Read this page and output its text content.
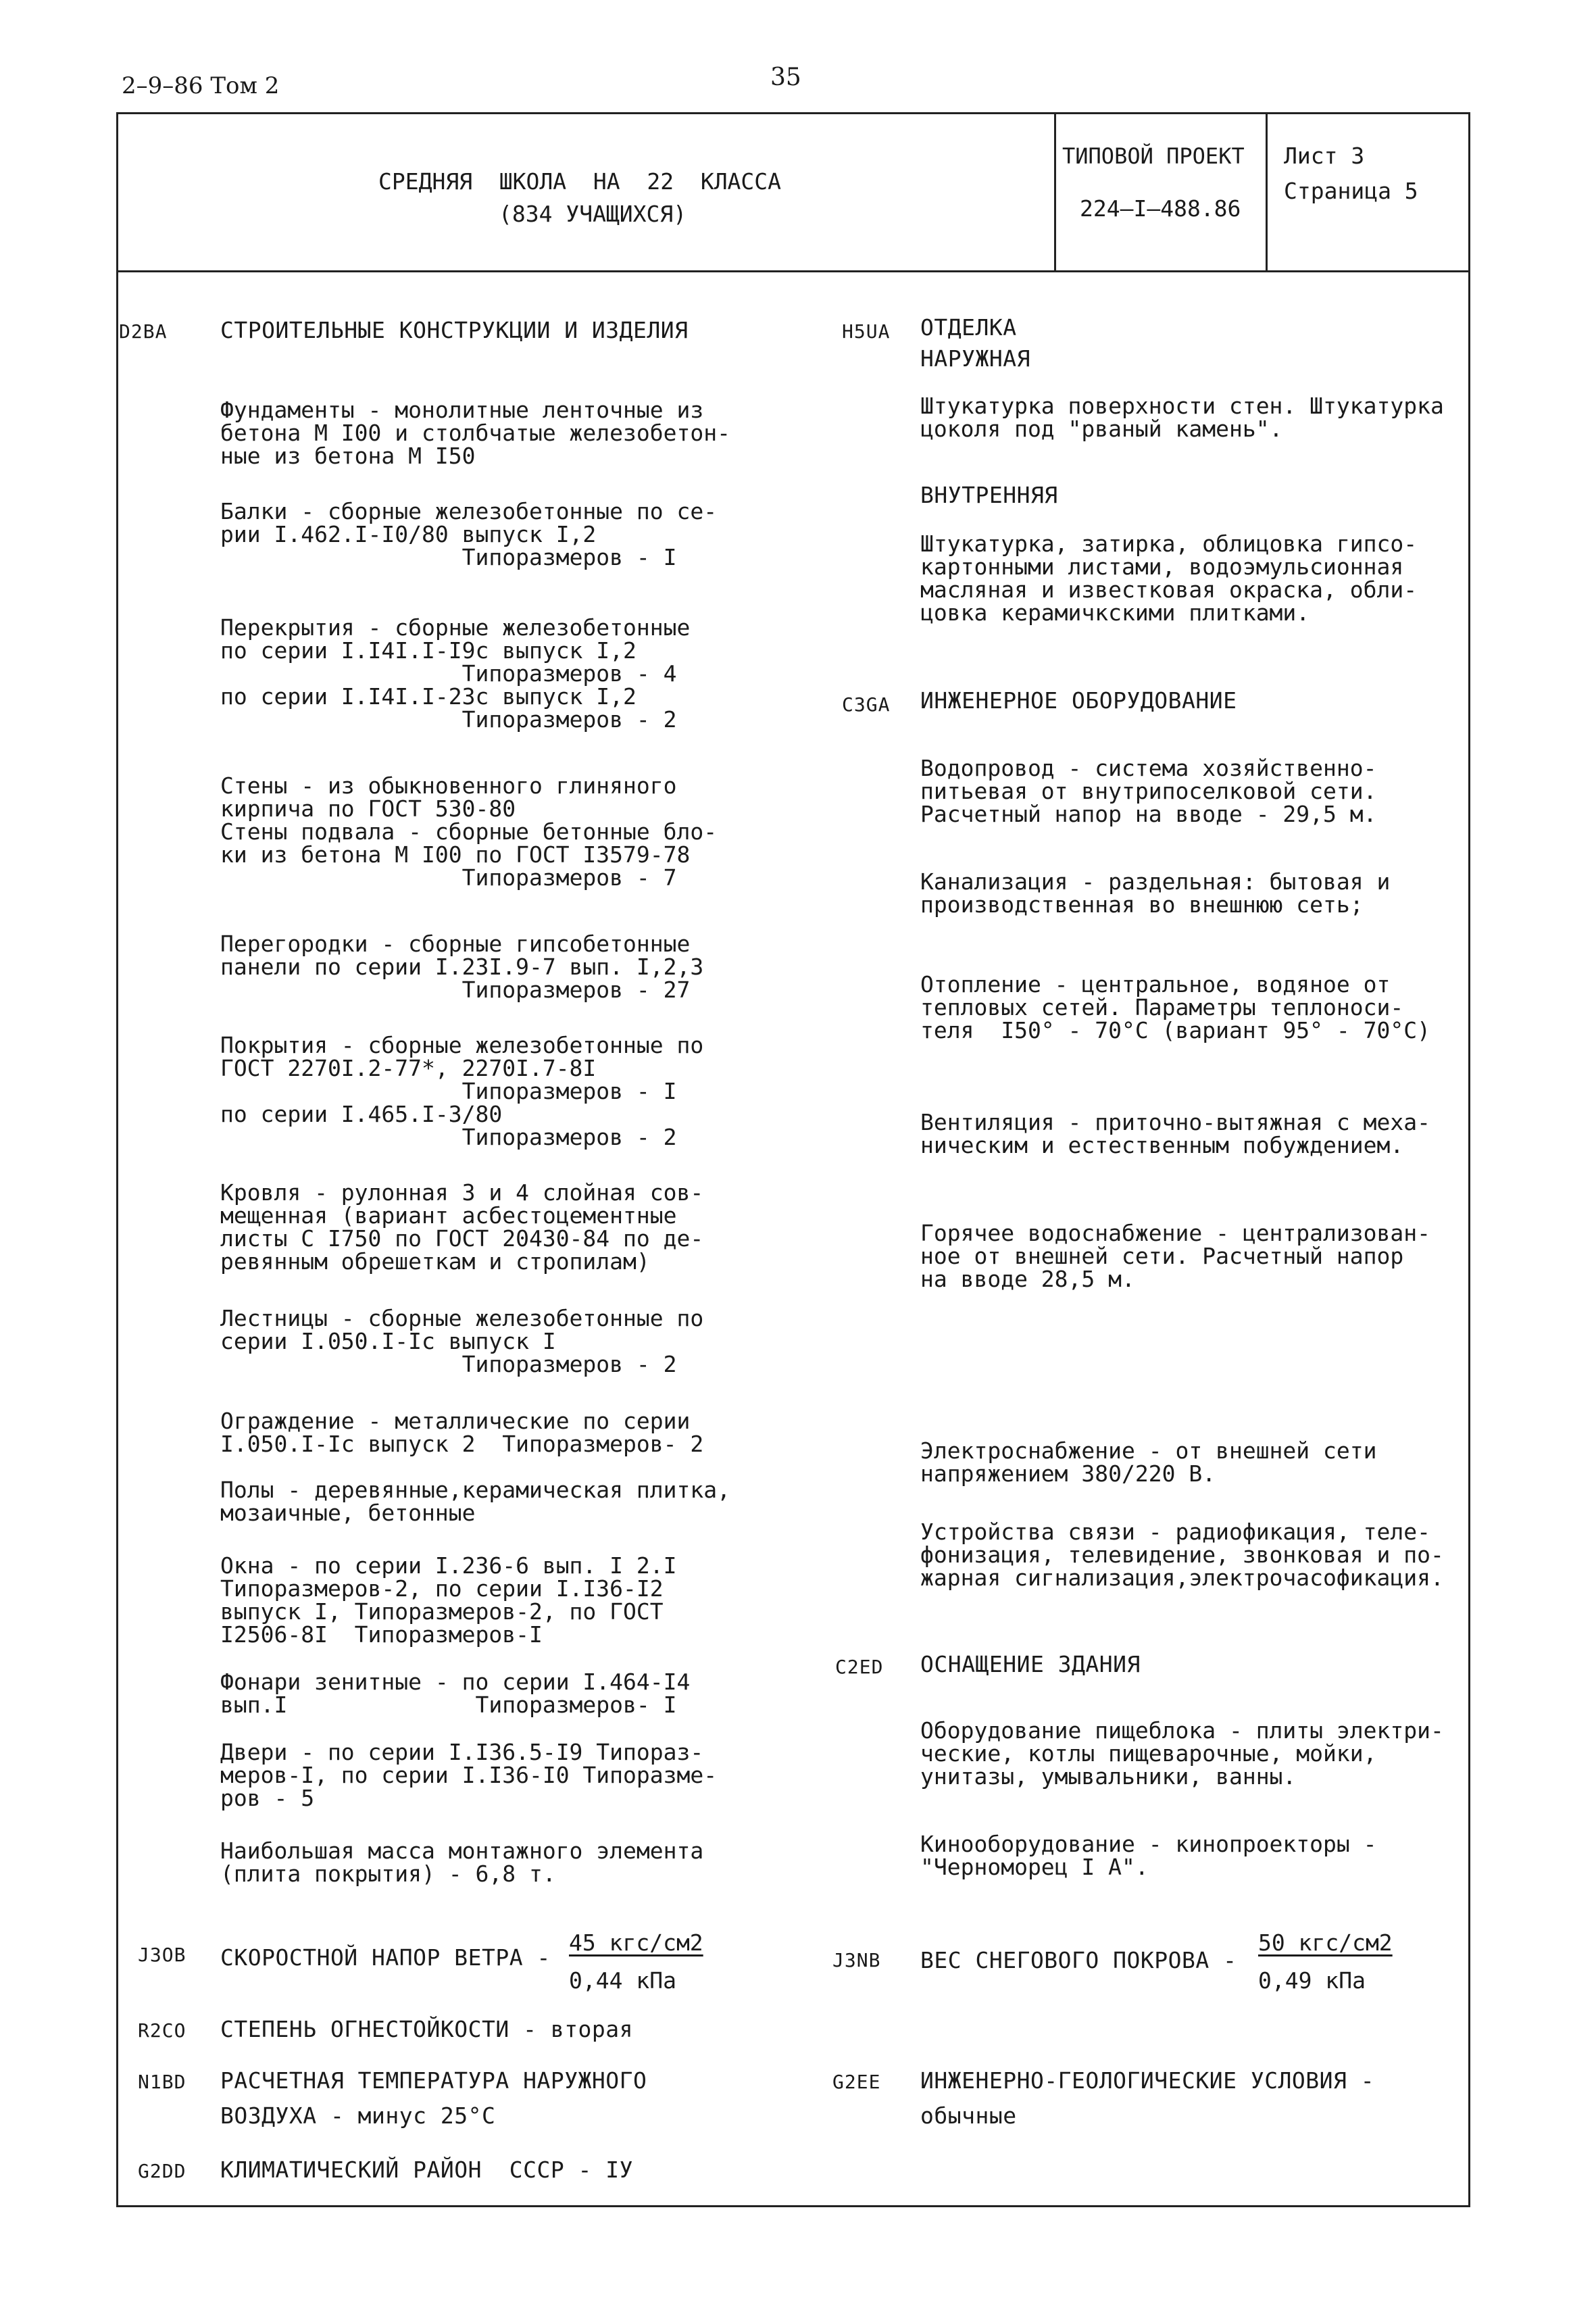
2–9–86 Том 2	35
СРЕДНЯЯ  ШКОЛА  НА  22  КЛАССА
(834 УЧАЩИХСЯ)
ТИПОВОЙ ПРОЕКТ
224–I–488.86
Лист 3
Страница 5
D2BA СТРОИТЕЛЬНЫЕ КОНСТРУКЦИИ И ИЗДЕЛИЯ
Фундаменты - монолитные ленточные из
бетона М I00 и столбчатые железобетон-
ные из бетона М I50
Балки - сборные железобетонные по се-
рии I.462.I-I0/80 выпуск I,2
Типоразмеров - I
Перекрытия - сборные железобетонные
по серии I.I4I.I-I9с выпуск I,2
Типоразмеров - 4
по серии I.I4I.I-23с выпуск I,2
Типоразмеров - 2
Стены - из обыкновенного глиняного
кирпича по ГОСТ 530-80
Стены подвала - сборные бетонные бло-
ки из бетона М I00 по ГОСТ I3579-78
Типоразмеров - 7
Перегородки - сборные гипсобетонные
панели по серии I.23I.9-7 вып. I,2,3
Типоразмеров - 27
Покрытия - сборные железобетонные по
ГОСТ 2270I.2-77*, 2270I.7-8I
Типоразмеров - I
по серии I.465.I-3/80
Типоразмеров - 2
Кровля - рулонная 3 и 4 слойная сов-
мещенная (вариант асбестоцементные
листы С I750 по ГОСТ 20430-84 по де-
ревянным обрешеткам и стропилам)
Лестницы - сборные железобетонные по
серии I.050.I-Iс выпуск I
Типоразмеров - 2
Ограждение - металлические по серии
I.050.I-Iс выпуск 2  Типоразмеров- 2
Полы - деревянные,керамическая плитка,
мозаичные, бетонные
Окна - по серии I.236-6 вып. I 2.I
Типоразмеров-2, по серии I.I36-I2
выпуск I, Типоразмеров-2, по ГОСТ
I2506-8I  Типоразмеров-I
Фонари зенитные - по серии I.464-I4
вып.I              Типоразмеров- I
Двери - по серии I.I36.5-I9 Типораз-
меров-I, по серии I.I36-I0 Типоразме-
ров - 5
Наибольшая масса монтажного элемента
(плита покрытия) - 6,8 т.
J3OB СКОРОСТНОЙ НАПОР ВЕТРА -
45 кгс/см2
0,44 кПа
R2CO СТЕПЕНЬ ОГНЕСТОЙКОСТИ - вторая
N1BD РАСЧЕТНАЯ ТЕМПЕРАТУРА НАРУЖНОГО
ВОЗДУХА - минус 25°С
G2DD КЛИМАТИЧЕСКИЙ РАЙОН  СССР - IУ
H5UA ОТДЕЛКА
НАРУЖНАЯ
Штукатурка поверхности стен. Штукатурка
цоколя под "рваный камень".
ВНУТРЕННЯЯ
Штукатурка, затирка, облицовка гипсо-
картонными листами, водоэмульсионная
масляная и известковая окраска, обли-
цовка керамичкскими плитками.
C3GA ИНЖЕНЕРНОЕ ОБОРУДОВАНИЕ
Водопровод - система хозяйственно-
питьевая от внутрипоселковой сети.
Расчетный напор на вводе - 29,5 м.
Канализация - раздельная: бытовая и
производственная во внешнюю сеть;
Отопление - центральное, водяное от
тепловых сетей. Параметры теплоноси-
теля  I50° - 70°С (вариант 95° - 70°С)
Вентиляция - приточно-вытяжная с меха-
ническим и естественным побуждением.
Горячее водоснабжение - централизован-
ное от внешней сети. Расчетный напор
на вводе 28,5 м.
Электроснабжение - от внешней сети
напряжением 380/220 В.
Устройства связи - радиофикация, теле-
фонизация, телевидение, звонковая и по-
жарная сигнализация,электрочасофикация.
C2ED ОСНАЩЕНИЕ ЗДАНИЯ
Оборудование пищеблока - плиты электри-
ческие, котлы пищеварочные, мойки,
унитазы, умывальники, ванны.
Кинооборудование - кинопроекторы -
"Черноморец I А".
J3NB ВЕС СНЕГОВОГО ПОКРОВА -
50 кгс/см2
0,49 кПа
G2EE ИНЖЕНЕРНО-ГЕОЛОГИЧЕСКИЕ УСЛОВИЯ -
обычные
